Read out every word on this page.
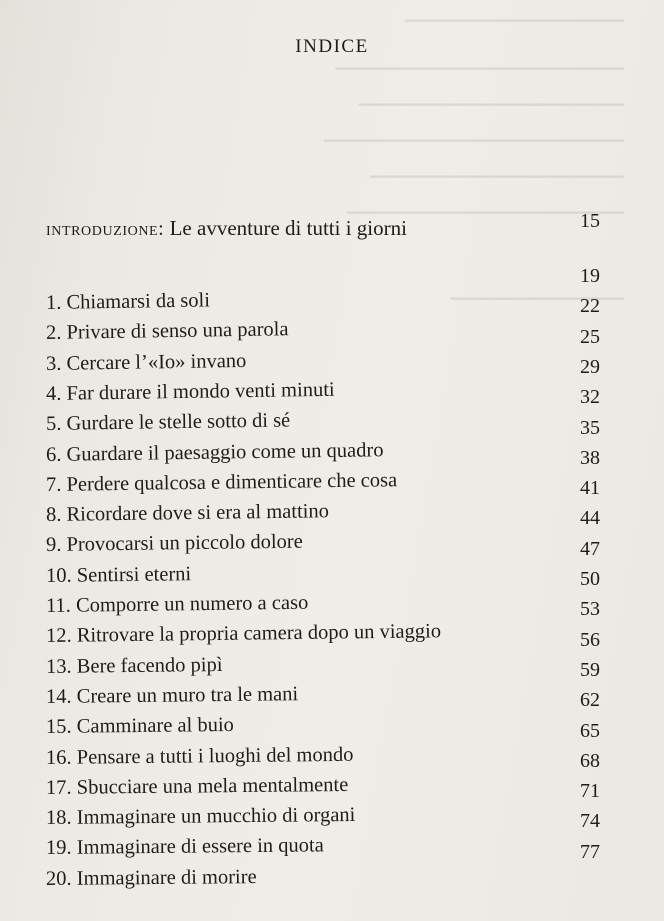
▁▁▁▁▁▁▁▁▁▁▁▁▁▁▁▁▁▁▁
▁▁▁▁▁▁▁▁▁▁▁▁▁▁▁▁▁▁▁▁▁▁▁▁▁
▁▁▁▁▁▁▁▁▁▁▁▁▁▁▁▁▁▁▁▁▁▁▁
▁▁▁▁▁▁▁▁▁▁▁▁▁▁▁▁▁▁▁▁▁▁▁▁▁▁
▁▁▁▁▁▁▁▁▁▁▁▁▁▁▁▁▁▁▁▁▁▁
▁▁▁▁▁▁▁▁▁▁▁▁▁▁▁▁▁▁▁▁▁▁▁▁
▁▁▁▁▁▁▁▁▁▁▁▁▁▁▁
INDICE
introduzione: Le avventure di tutti i giorni	15
1. Chiamarsi da soli
19
2. Privare di senso una parola
22
3. Cercare l’«Io» invano
25
4. Far durare il mondo venti minuti
29
5. Gurdare le stelle sotto di sé
32
6. Guardare il paesaggio come un quadro
35
7. Perdere qualcosa e dimenticare che cosa
38
8. Ricordare dove si era al mattino
41
9. Provocarsi un piccolo dolore
44
10. Sentirsi eterni
47
11. Comporre un numero a caso
50
12. Ritrovare la propria camera dopo un viaggio
53
13. Bere facendo pipì
56
14. Creare un muro tra le mani
59
15. Camminare al buio
62
16. Pensare a tutti i luoghi del mondo
65
17. Sbucciare una mela mentalmente
68
18. Immaginare un mucchio di organi
71
19. Immaginare di essere in quota
74
20. Immaginare di morire
77
